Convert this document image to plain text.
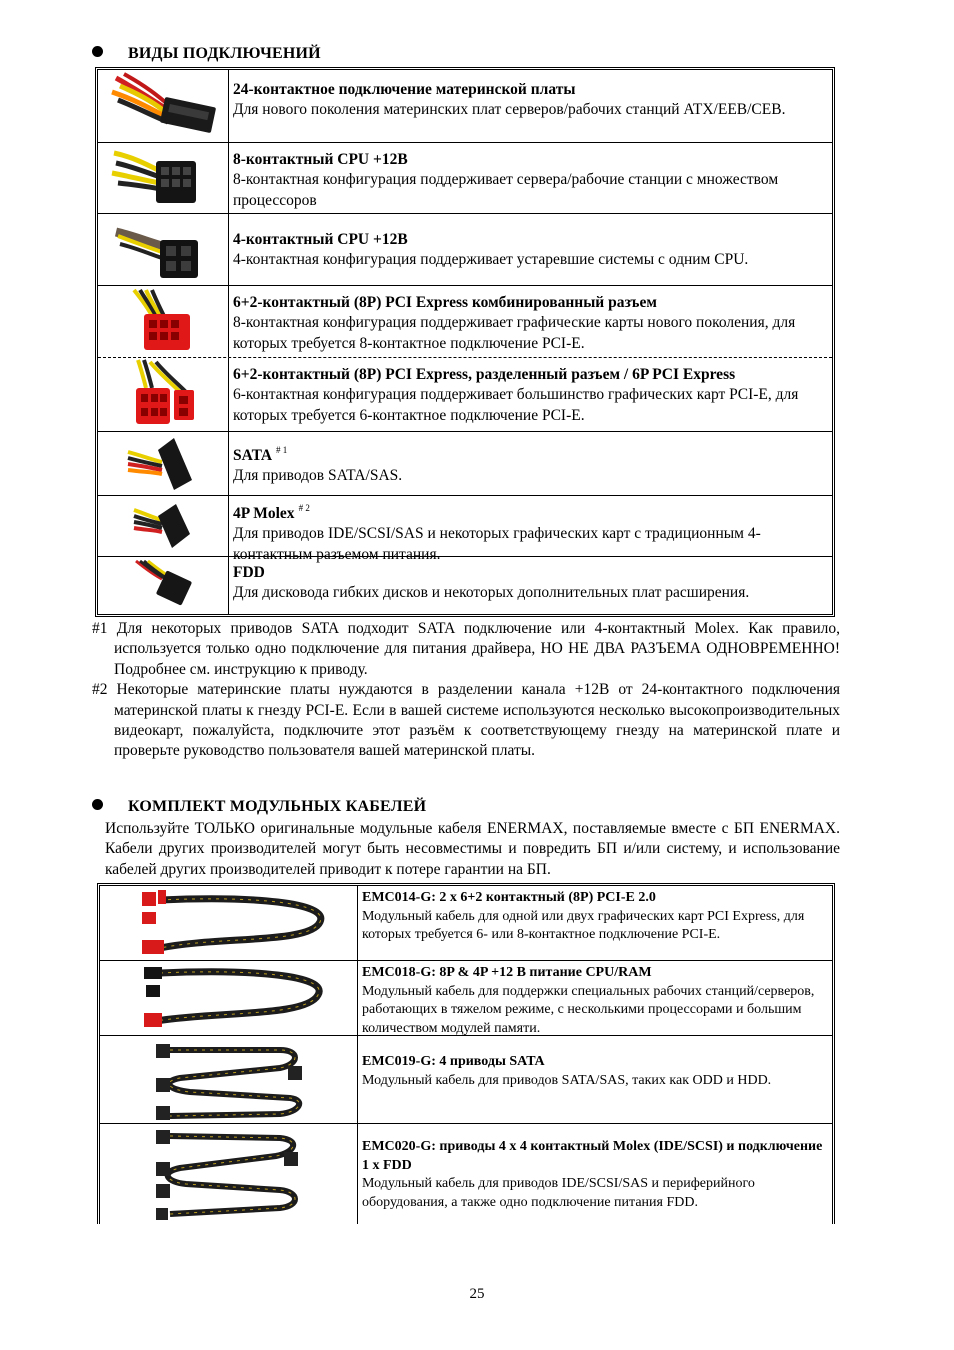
ВИДЫ ПОДКЛЮЧЕНИЙ
24-контактное подключение материнской платы
Для нового поколения материнских плат серверов/рабочих станций ATX/EEB/CEB.
8-контактный CPU +12В
8-контактная конфигурация поддерживает сервера/рабочие станции с множеством процессоров
4-контактный CPU +12В
4-контактная конфигурация поддерживает устаревшие системы с одним CPU.
6+2-контактный (8P) PCI Express комбинированный разъем
8-контактная конфигурация поддерживает графические карты нового поколения, для которых требуется 8-контактное подключение PCI-E.
6+2-контактный (8P) PCI Express, разделенный разъем / 6P PCI Express
6-контактная конфигурация поддерживает большинство графических карт PCI-E, для которых требуется 6-контактное подключение PCI-E.
SATA $^{\# 1}$
Для приводов SATA/SAS.
4P Molex $^{\# 2}$
Для приводов IDE/SCSI/SAS и некоторых графических карт с традиционным 4-контактным разъемом питания.
FDD
Для дисковода гибких дисков и некоторых дополнительных плат расширения.
#1 Для некоторых приводов SATA подходит SATA подключение или 4-контактный Molex. Как правило, используется только одно подключение для питания драйвера, НО НЕ ДВА РАЗЪЕМА ОДНОВРЕМЕННО! Подробнее см. инструкцию к приводу.
#2 Некоторые материнские платы нуждаются в разделении канала +12В от 24-контактного подключения материнской платы к гнезду PCI-E. Если в вашей системе используются несколько высокопроизводительных видеокарт, пожалуйста, подключите этот разъём к соответствующему гнезду на материнской плате и проверьте руководство пользователя вашей материнской платы.
КОМПЛЕКТ МОДУЛЬНЫХ КАБЕЛЕЙ
Используйте ТОЛЬКО оригинальные модульные кабеля ENERMAX, поставляемые вместе с БП ENERMAX. Кабели других производителей могут быть несовместимы и повредить БП и/или систему, и использование кабелей других производителей приводит к потере гарантии на БП.
EMC014-G: 2 x 6+2 контактный (8P) PCI-E 2.0
Модульный кабель для одной или двух графических карт PCI Express, для которых требуется 6- или 8-контактное подключение PCI-E.
EMC018-G: 8P & 4P +12 В питание CPU/RAM
Модульный кабель для поддержки специальных рабочих станций/серверов, работающих в тяжелом режиме, с несколькими процессорами и большим количеством модулей памяти.
EMC019-G: 4 приводы SATA
Модульный кабель для приводов SATA/SAS, таких как ODD и HDD.
EMC020-G: приводы 4 x 4 контактный Molex (IDE/SCSI) и подключение 1 x FDD
Модульный кабель для приводов IDE/SCSI/SAS и периферийного оборудования, а также одно подключение питания FDD.
25
